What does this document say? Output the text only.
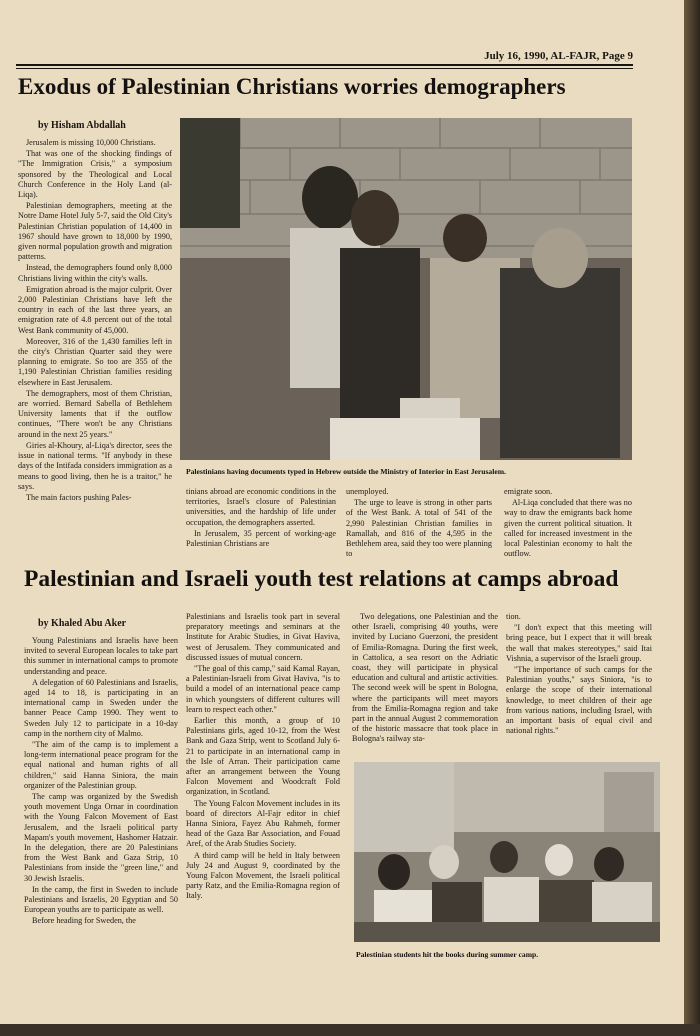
July 16, 1990, AL-FAJR, Page 9
Exodus of Palestinian Christians worries demographers
by Hisham Abdallah

Jerusalem is missing 10,000 Christians.

That was one of the shocking findings of "The Immigration Crisis," a symposium sponsored by the Theological and Local Church Conference in the Holy Land (al-Liqa).

Palestinian demographers, meeting at the Notre Dame Hotel July 5-7, said the Old City's Palestinian Christian population of 14,400 in 1967 should have grown to 18,000 by 1990, given normal population growth and migration patterns.

Instead, the demographers found only 8,000 Christians living within the city's walls.

Emigration abroad is the major culprit. Over 2,000 Palestinian Christians have left the country in each of the last three years, an emigration rate of 4.8 percent out of the total West Bank community of 45,000.

Moreover, 316 of the 1,430 families left in the city's Christian Quarter said they were planning to emigrate. So too are 355 of the 1,190 Palestinian Christian families residing elsewhere in East Jerusalem.

The demographers, most of them Christian, are worried. Bernard Sabella of Bethlehem University laments that if the outflow continues, "There won't be any Christians around in the next 25 years."

Giries al-Khoury, al-Liqa's director, sees the issue in national terms. "If anybody in these days of the Intifada considers immigration as a means to good living, then he is a traitor," he says.

The main factors pushing Pales-

Palestinians having documents typed in Hebrew outside the Ministry of Interior in East Jerusalem.

tinians abroad are economic conditions in the territories, Israel's closure of Palestinian universities, and the hardship of life under occupation, the demographers asserted.

In Jerusalem, 35 percent of working-age Palestinian Christians are

unemployed.

The urge to leave is strong in other parts of the West Bank. A total of 541 of the 2,990 Palestinian Christian families in Ramallah, and 816 of the 4,595 in the Bethlehem area, said they too were planning to

emigrate soon.

Al-Liqa concluded that there was no way to draw the emigrants back home given the current political situation. It called for increased investment in the local Palestinian economy to halt the outflow.

Palestinian and Israeli youth test relations at camps abroad
by Khaled Abu Aker

Young Palestinians and Israelis have been invited to several European locales to take part this summer in international camps to promote understanding and peace.

A delegation of 60 Palestinians and Israelis, aged 14 to 18, is participating in an international camp in Sweden under the banner Peace Camp 1990. They went to Sweden July 12 to participate in a 10-day camp in the northern city of Malmo.

"The aim of the camp is to implement a long-term international peace program for the equal national and human rights of all children," said Hanna Siniora, the main organizer of the Palestinian group.

The camp was organized by the Swedish youth movement Unga Ornar in coordination with the Young Falcon Movement of East Jerusalem, and the Israeli political party Mapam's youth movement, Hashomer Hatzair. In the delegation, there are 20 Palestinians from the West Bank and Gaza Strip, 10 Palestinians from inside the "green line," and 30 Jewish Israelis.

In the camp, the first in Sweden to include Palestinians and Israelis, 20 Egyptian and 50 European youths are to participate as well.

Before heading for Sweden, the

Palestinians and Israelis took part in several preparatory meetings and seminars at the Institute for Arabic Studies, in Givat Haviva, west of Jerusalem. They communicated and discussed issues of mutual concern.

"The goal of this camp," said Kamal Rayan, a Palestinian-Israeli from Givat Haviva, "is to build a model of an international peace camp in which youngsters of different cultures will learn to respect each other."

Earlier this month, a group of 10 Palestinians girls, aged 10-12, from the West Bank and Gaza Strip, went to Scotland July 6-21 to participate in an international camp in the Isle of Arran. Their participation came after an arrangement between the Young Falcon Movement and Woodcraft Fold organization, in Scotland.

The Young Falcon Movement includes in its board of directors Al-Fajr editor in chief Hanna Siniora, Fayez Abu Rahmeh, former head of the Gaza Bar Association, and Fouad Aref, of the Arab Studies Society.

A third camp will be held in Italy between July 24 and August 9, coordinated by the Young Falcon Movement, the Israeli political party Ratz, and the Emilia-Romagna region of Italy.

Two delegations, one Palestinian and the other Israeli, comprising 40 youths, were invited by Luciano Guerzoni, the president of Emilia-Romagna. During the first week, in Cattolica, a sea resort on the Adriatic coast, they will participate in physical education and cultural and artistic activities. The second week will be spent in Bologna, where the participants will meet mayors from the Emilia-Romagna region and take part in the annual August 2 commemoration of the historic massacre that took place in Bologna's railway sta-

tion.

"I don't expect that this meeting will bring peace, but I expect that it will break the wall that makes stereotypes," said Itai Vishnia, a supervisor of the Israeli group.

"The importance of such camps for the Palestinian youths," says Siniora, "is to enlarge the scope of their international knowledge, to meet children of their age from various nations, including Israel, with an important basis of equal civil and national rights."

Palestinian students hit the books during summer camp.
